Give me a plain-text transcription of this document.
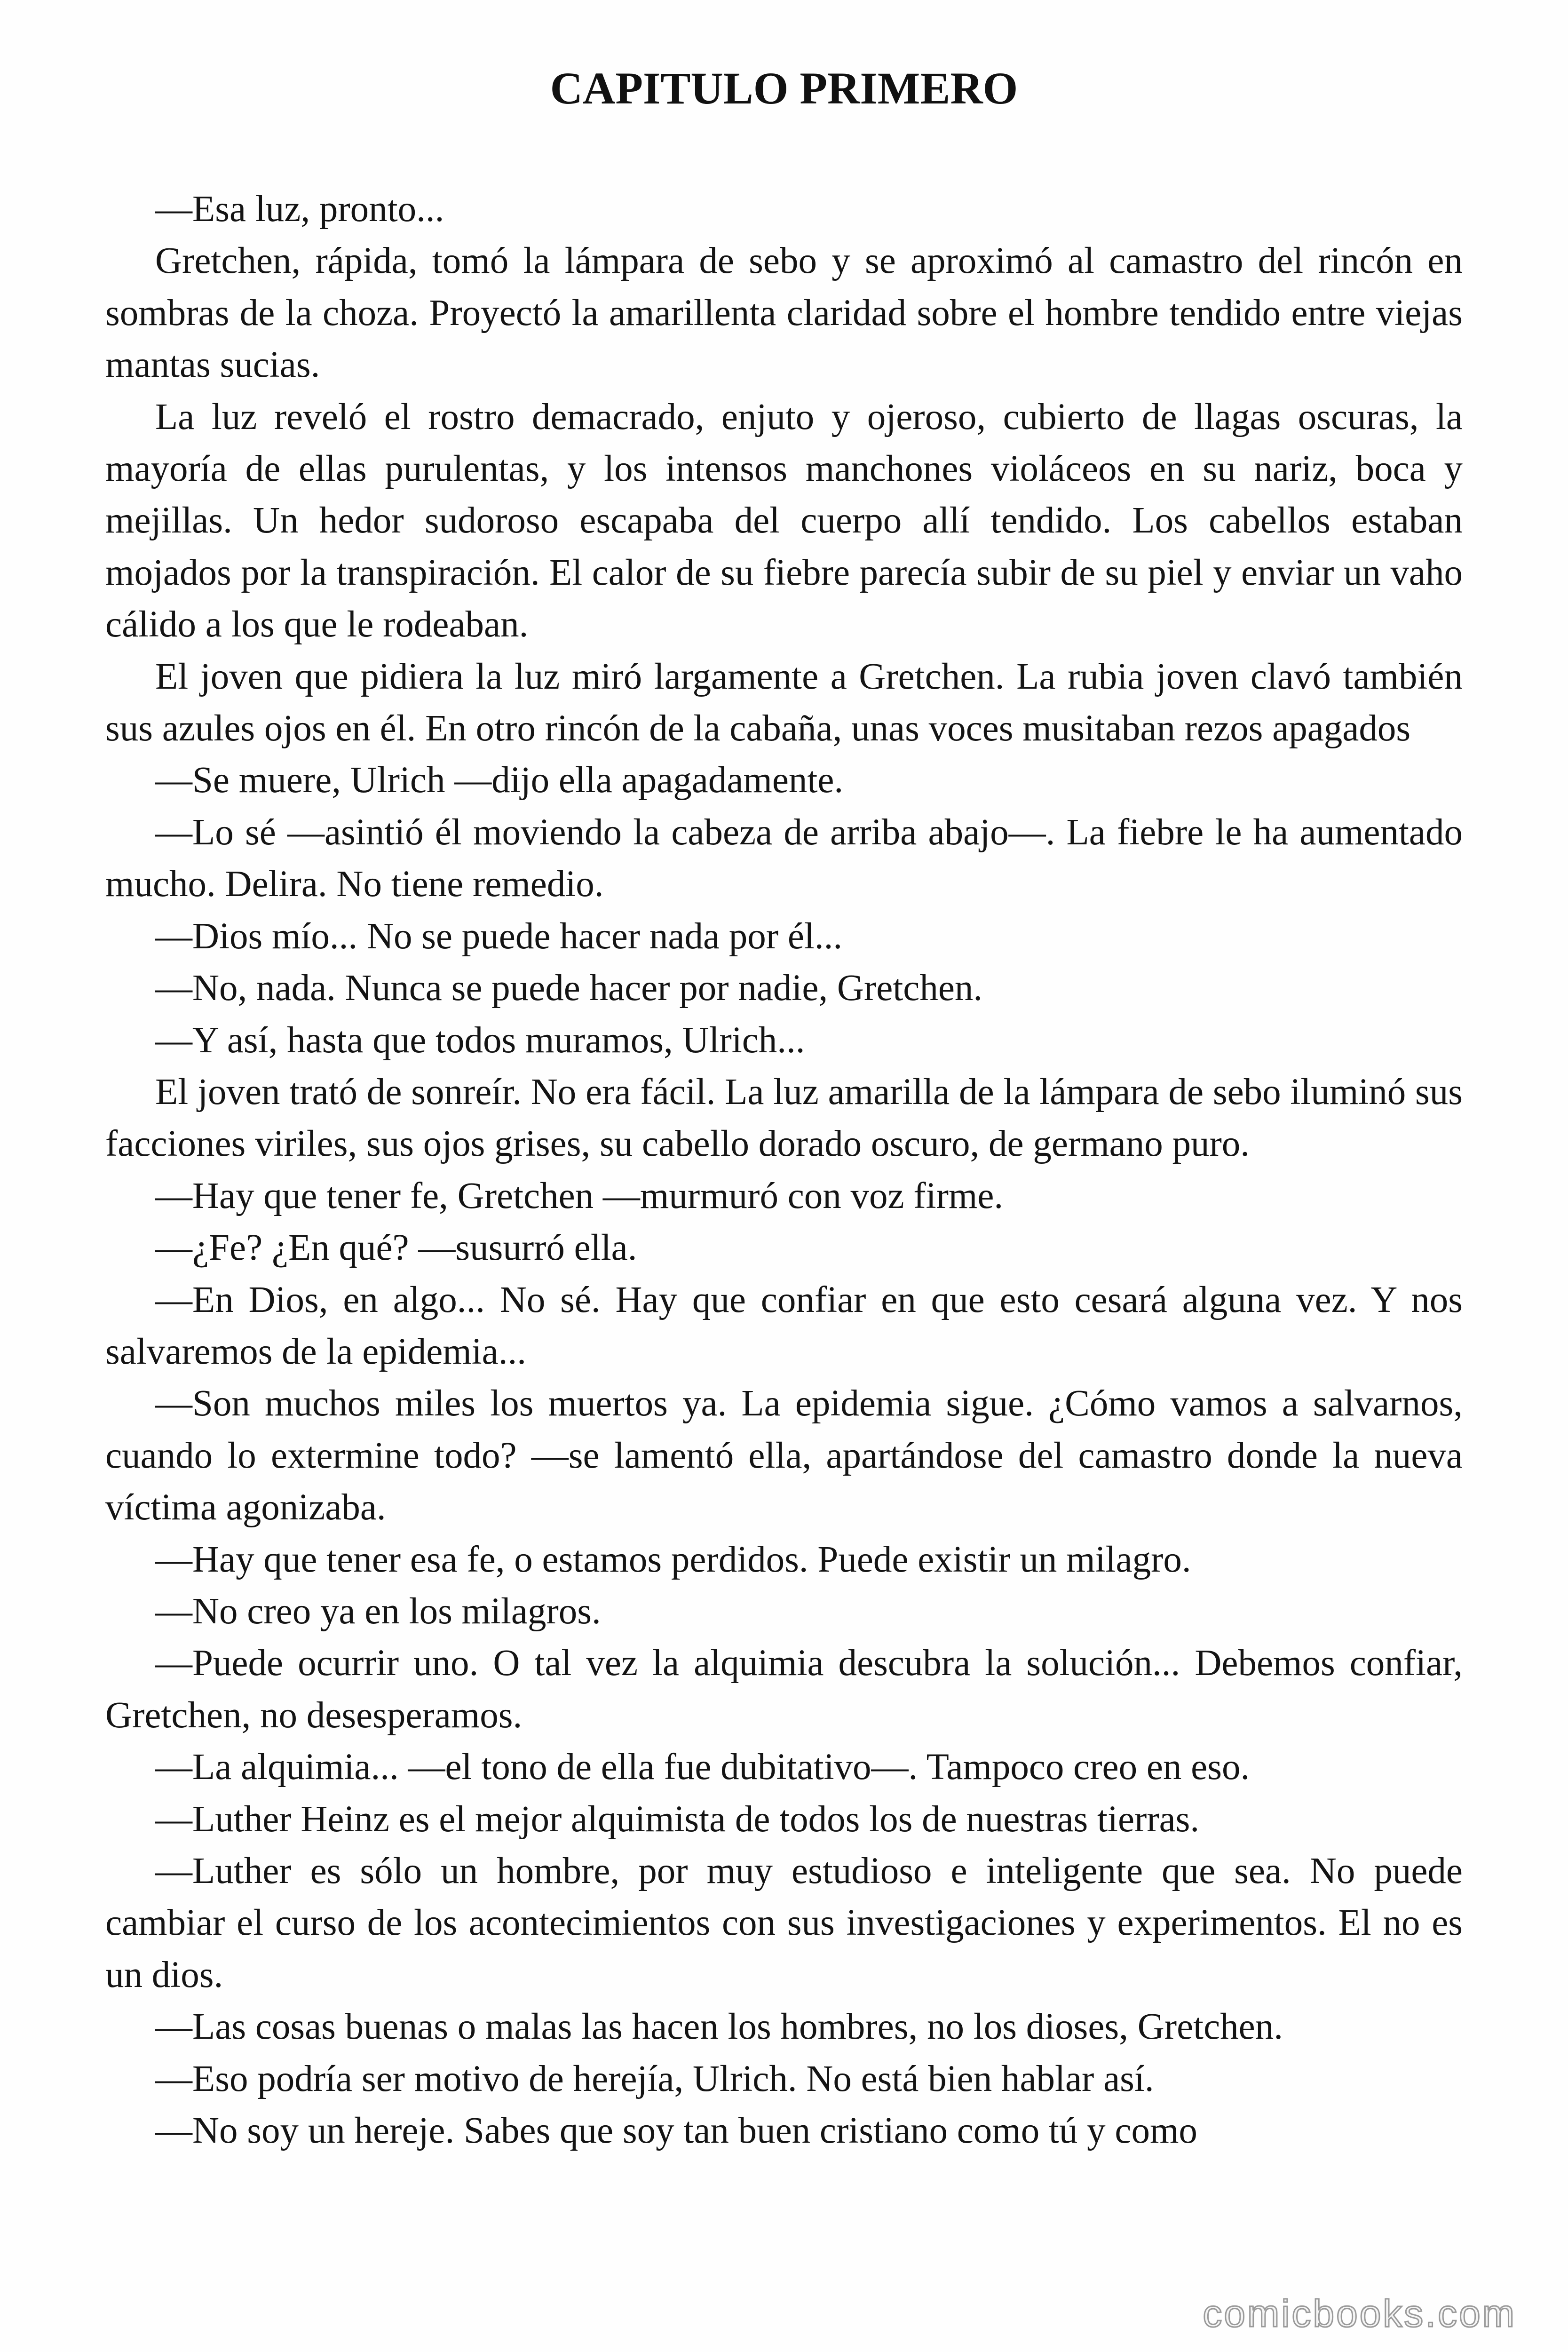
CAPITULO PRIMERO

—Esa luz, pronto...

Gretchen, rápida, tomó la lámpara de sebo y se aproximó al camastro del rincón en sombras de la choza. Proyectó la amarillenta claridad sobre el hombre tendido entre viejas mantas sucias.

La luz reveló el rostro demacrado, enjuto y ojeroso, cubierto de llagas oscuras, la mayoría de ellas purulentas, y los intensos manchones violáceos en su nariz, boca y mejillas. Un hedor sudoroso escapaba del cuerpo allí tendido. Los cabellos estaban mojados por la transpiración. El calor de su fiebre parecía subir de su piel y enviar un vaho cálido a los que le rodeaban.

El joven que pidiera la luz miró largamente a Gretchen. La rubia joven clavó también sus azules ojos en él. En otro rincón de la cabaña, unas voces musitaban rezos apagados

—Se muere, Ulrich —dijo ella apagadamente.

—Lo sé —asintió él moviendo la cabeza de arriba abajo—. La fiebre le ha aumentado mucho. Delira. No tiene remedio.

—Dios mío... No se puede hacer nada por él...

—No, nada. Nunca se puede hacer por nadie, Gretchen.

—Y así, hasta que todos muramos, Ulrich...

El joven trató de sonreír. No era fácil. La luz amarilla de la lámpara de sebo iluminó sus facciones viriles, sus ojos grises, su cabello dorado oscuro, de germano puro.

—Hay que tener fe, Gretchen —murmuró con voz firme.

—¿Fe? ¿En qué? —susurró ella.

—En Dios, en algo... No sé. Hay que confiar en que esto cesará alguna vez. Y nos salvaremos de la epidemia...

—Son muchos miles los muertos ya. La epidemia sigue. ¿Cómo vamos a salvarnos, cuando lo extermine todo? —se lamentó ella, apartándose del camastro donde la nueva víctima agonizaba.

—Hay que tener esa fe, o estamos perdidos. Puede existir un milagro.

—No creo ya en los milagros.

—Puede ocurrir uno. O tal vez la alquimia descubra la solución... Debemos confiar, Gretchen, no desesperamos.

—La alquimia... —el tono de ella fue dubitativo—. Tampoco creo en eso.

—Luther Heinz es el mejor alquimista de todos los de nuestras tierras.

—Luther es sólo un hombre, por muy estudioso e inteligente que sea. No puede cambiar el curso de los acontecimientos con sus investigaciones y experimentos. El no es un dios.

—Las cosas buenas o malas las hacen los hombres, no los dioses, Gretchen.

—Eso podría ser motivo de herejía, Ulrich. No está bien hablar así.

—No soy un hereje. Sabes que soy tan buen cristiano como tú y como

comicbooks.com
